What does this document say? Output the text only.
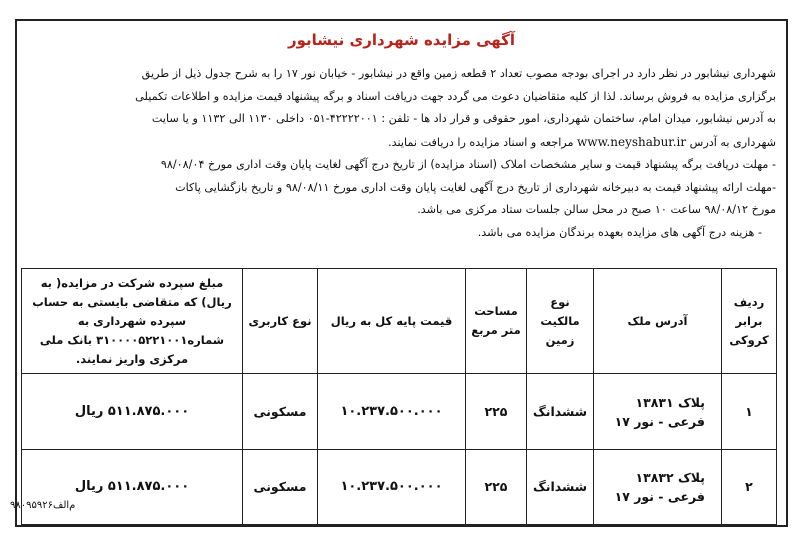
آگهی مزایده شهرداری نیشابور

شهرداری نیشابور در نظر دارد در اجرای بودجه مصوب تعداد ۲ قطعه زمین واقع در نیشابور - خیابان نور ۱۷ را به شرح جدول ذیل از طریق

برگزاری مزایده به فروش برساند. لذا از کلیه متقاضیان دعوت می گردد جهت دریافت اسناد و برگه پیشنهاد قیمت مزایده و اطلاعات تکمیلی

به آدرس نیشابور، میدان امام، ساختمان شهرداری، امور حقوقی و قرار داد ها - تلفن : ۴۲۲۲۲۰۰۱-۰۵۱ داخلی ۱۱۳۰ الی ۱۱۳۲ و یا سایت

شهرداری به آدرس www.neyshabur.ir مراجعه و اسناد مزایده را دریافت نمایند.

- مهلت دریافت برگه پیشنهاد قیمت و سایر مشخصات املاک (اسناد مزایده) از تاریخ درج آگهی لغایت پایان وقت اداری مورخ ۹۸/۰۸/۰۴

-مهلت ارائه پیشنهاد قیمت به دبیرخانه شهرداری از تاریخ درج آگهی لغایت پایان وقت اداری مورخ ۹۸/۰۸/۱۱ و تاریخ بازگشایی پاکات

مورخ ۹۸/۰۸/۱۲ ساعت ۱۰ صبح در محل سالن جلسات ستاد مرکزی می باشد.

- هزینه درج آگهی های مزایده بعهده برندگان مزایده می باشد.

ردیف برابر کروکی	آدرس ملک	نوع مالکیت زمین	مساحت متر مربع	قیمت پایه کل به ریال	نوع کاربری	مبلغ سپرده شرکت در مزایده( به ریال) که متقاضی بایستی به حساب سپرده شهرداری به شماره۳۱۰۰۰۰۵۲۲۱۰۰۱ بانک ملی مرکزی واریز نمایند.
۱	پلاک ۱۳۸۳۱
فرعی - نور ۱۷	ششدانگ	۲۲۵	۱۰.۲۳۷.۵۰۰.۰۰۰	مسکونی	۵۱۱.۸۷۵.۰۰۰ ریال
۲	پلاک ۱۳۸۳۲
فرعی - نور ۱۷	ششدانگ	۲۲۵	۱۰.۲۳۷.۵۰۰.۰۰۰	مسکونی	۵۱۱.۸۷۵.۰۰۰ ریال
م‌الف۹۸۰۹۵۹۲۶
